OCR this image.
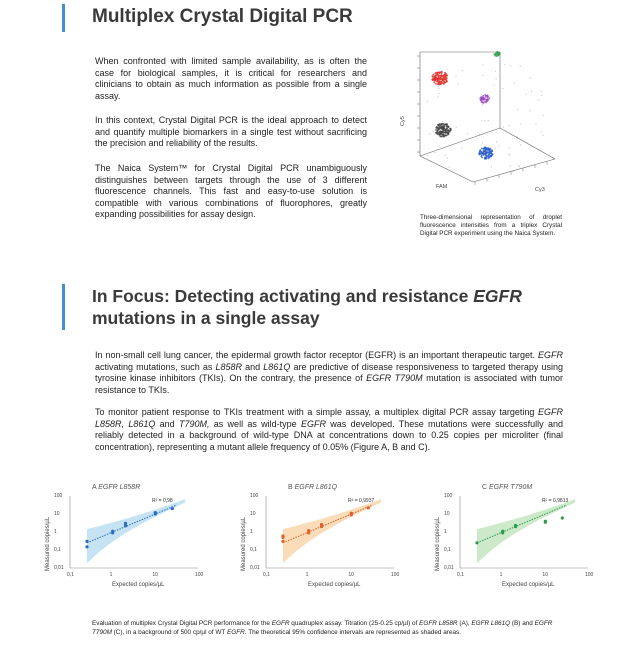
Multiplex Crystal Digital PCR
When confronted with limited sample availability, as is often the case for biological samples, it is critical for researchers and clinicians to obtain as much information as possible from a single assay.
In this context, Crystal Digital PCR is the ideal approach to detect and quantify multiple biomarkers in a single test without sacrificing the precision and reliability of the results.
The Naica System™ for Crystal Digital PCR unambiguously distinguishes between targets through the use of 3 different fluorescence channels. This fast and easy-to-use solution is compatible with various combinations of fluorophores, greatly expanding possibilities for assay design.
Cy5
FAM	Cy3
Three-dimensional representation of droplet fluorescence intensities from a triplex Crystal Digital PCR experiment using the Naica System.
In Focus: Detecting activating and resistance EGFR
mutations in a single assay
In non-small cell lung cancer, the epidermal growth factor receptor (EGFR) is an important therapeutic target. EGFR activating mutations, such as L858R and L861Q are predictive of disease responsiveness to targeted therapy using tyrosine kinase inhibitors (TKIs). On the contrary, the presence of EGFR T790M mutation is associated with tumor resistance to TKIs.
To monitor patient response to TKIs treatment with a simple assay, a multiplex digital PCR assay targeting EGFR L858R, L861Q and T790M, as well as wild-type EGFR was developed. These mutations were successfully and reliably detected in a background of wild-type DNA at concentrations down to 0.25 copies per microliter (final concentration), representing a mutant allele frequency of 0.05% (Figure A, B and C).
A EGFR L858R
Measured copies/µL
Expected copies/µL
0,01
0,1
1
10
100
0,1	1	10	100
R² = 0,98
B EGFR L861Q
Measured copies/µL
Expected copies/µL
0,01
0,1
1
10
100
0,1	1	10	100
R² = 0,9937
C EGFR T790M
Measured copies/µL
Expected copies/µL
0,01
0,1
1
10
100
0,1	1	10	100
R² = 0,9813
Evaluation of multiplex Crystal Digital PCR performance for the EGFR quadruplex assay. Titration (25-0.25 cp/µl) of EGFR L858R (A), EGFR L861Q (B) and EGFR T790M (C), in a background of 500 cp/µl of WT EGFR. The theoretical 95% confidence intervals are represented as shaded areas.
